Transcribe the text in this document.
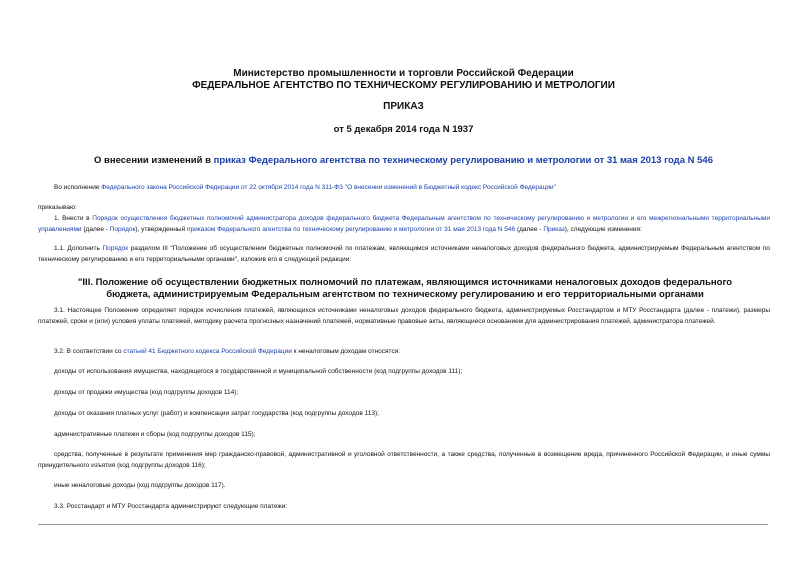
Министерство промышленности и торговли Российской Федерации
ФЕДЕРАЛЬНОЕ АГЕНТСТВО ПО ТЕХНИЧЕСКОМУ РЕГУЛИРОВАНИЮ И МЕТРОЛОГИИ
ПРИКАЗ
от 5 декабря 2014 года N 1937
О внесении изменений в приказ Федерального агентства по техническому регулированию и метрологии от 31 мая 2013 года N 546
Во исполнение Федерального закона Российской Федерации от 22 октября 2014 года N 311-ФЗ "О внесении изменений в Бюджетный кодекс Российской Федерации"
приказываю:
1. Внести в Порядок осуществления бюджетных полномочий администратора доходов федерального бюджета Федеральным агентством по техническому регулированию и метрологии и его межрегиональными территориальными управлениями (далее - Порядок), утвержденный приказом Федерального агентства по техническому регулированию и метрологии от 31 мая 2013 года N 546 (далее - Приказ), следующие изменения:
1.1. Дополнить Порядок разделом III "Положение об осуществлении бюджетных полномочий по платежам, являющимся источниками неналоговых доходов федерального бюджета, администрируемым Федеральным агентством по техническому регулированию и его территориальными органами", изложив его в следующей редакции:
"III. Положение об осуществлении бюджетных полномочий по платежам, являющимся источниками неналоговых доходов федерального бюджета, администрируемым Федеральным агентством по техническому регулированию и его территориальными органами
3.1. Настоящее Положение определяет порядок исчисления платежей, являющихся источниками неналоговых доходов федерального бюджета, администрируемых Росстандартом и МТУ Росстандарта (далее - платежи), размеры платежей, сроки и (или) условия уплаты платежей, методику расчета прогнозных назначений платежей, нормативные правовые акты, являющиеся основанием для администрирования платежей, администратора платежей.
3.2. В соответствии со статьей 41 Бюджетного кодекса Российской Федерации к неналоговым доходам относятся:
доходы от использования имущества, находящегося в государственной и муниципальной собственности (код подгруппы доходов 111);
доходы от продажи имущества (код подгруппы доходов 114);
доходы от оказания платных услуг (работ) и компенсации затрат государства (код подгруппы доходов 113);
административные платежи и сборы (код подгруппы доходов 115);
средства, полученные в результате применения мер гражданско-правовой, административной и уголовной ответственности, а также средства, полученные в возмещение вреда, причиненного Российской Федерации, и иные суммы принудительного изъятия (код подгруппы доходов 116);
иные неналоговые доходы (код подгруппы доходов 117).
3.3. Росстандарт и МТУ Росстандарта администрируют следующие платежи:
